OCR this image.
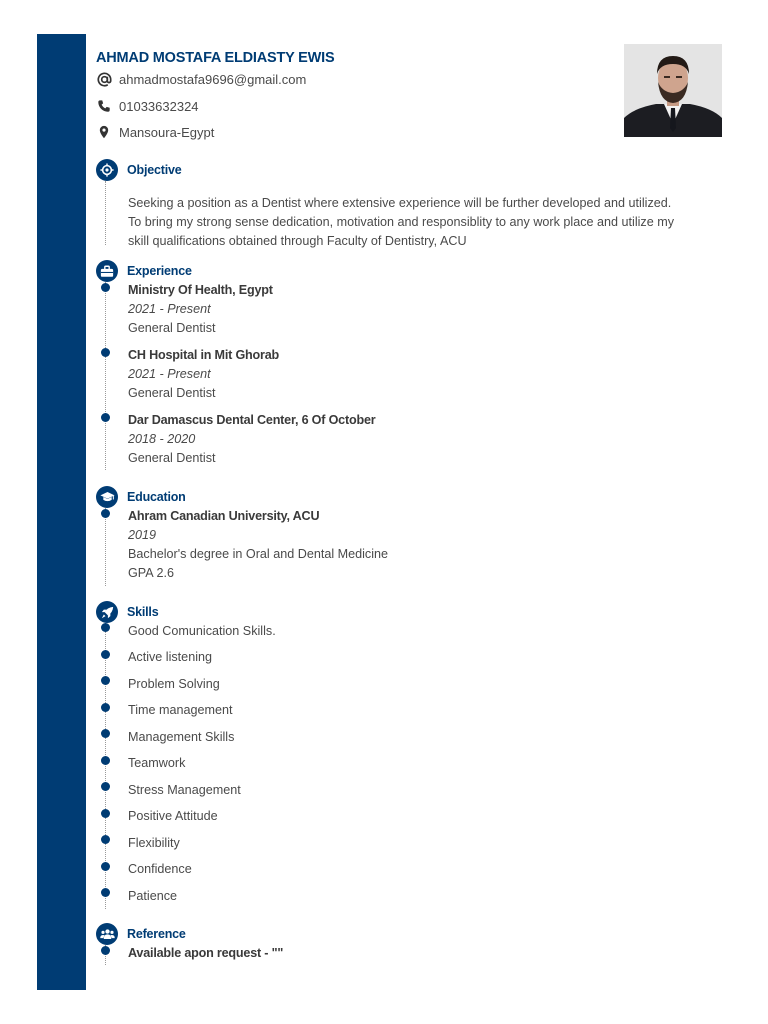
AHMAD MOSTAFA ELDIASTY EWIS
ahmadmostafa9696@gmail.com
01033632324
Mansoura-Egypt
Objective
Seeking a position as a Dentist where extensive experience will be further developed and utilized.
To bring my strong sense dedication, motivation and responsiblity to any work place and utilize my
skill qualifications obtained through Faculty of Dentistry, ACU
Experience
Ministry Of Health, Egypt
2021 - Present
General Dentist
CH Hospital in Mit Ghorab
2021 - Present
General Dentist
Dar Damascus Dental Center, 6 Of October
2018 - 2020
General Dentist
Education
Ahram Canadian University, ACU
2019
Bachelor's degree in Oral and Dental Medicine
GPA 2.6
Skills
Good Comunication Skills.
Active listening
Problem Solving
Time management
Management Skills
Teamwork
Stress Management
Positive Attitude
Flexibility
Confidence
Patience
Reference
Available apon request - ""
